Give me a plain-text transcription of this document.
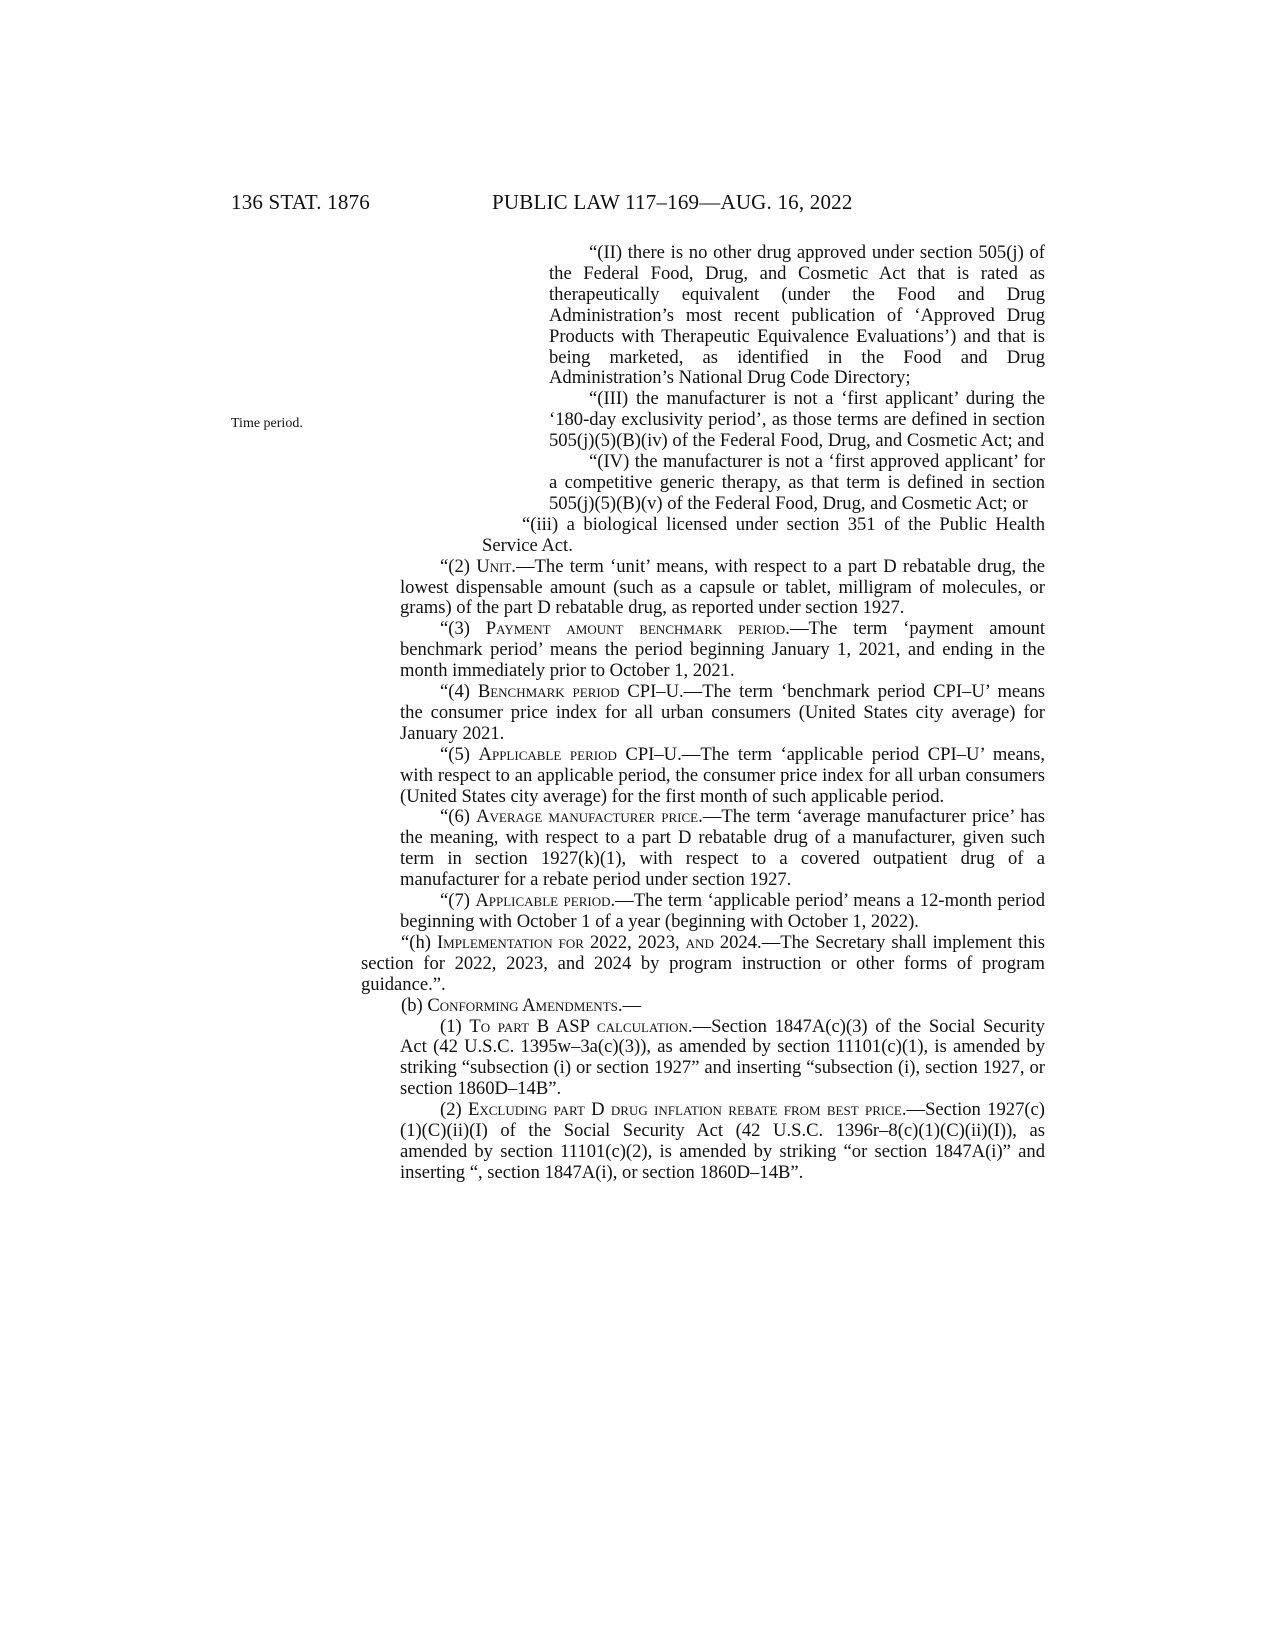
136 STAT. 1876	PUBLIC LAW 117–169—AUG. 16, 2022
Time period.

“(II) there is no other drug approved under section 505(j) of the Federal Food, Drug, and Cosmetic Act that is rated as therapeutically equivalent (under the Food and Drug Administration’s most recent publication of ‘Approved Drug Products with Therapeutic Equivalence Evaluations’) and that is being marketed, as identified in the Food and Drug Administration’s National Drug Code Directory;

“(III) the manufacturer is not a ‘first applicant’ during the ‘180-day exclusivity period’, as those terms are defined in section 505(j)(5)(B)(iv) of the Federal Food, Drug, and Cosmetic Act; and

“(IV) the manufacturer is not a ‘first approved applicant’ for a competitive generic therapy, as that term is defined in section 505(j)(5)(B)(v) of the Federal Food, Drug, and Cosmetic Act; or

“(iii) a biological licensed under section 351 of the Public Health Service Act.

“(2) Unit.—The term ‘unit’ means, with respect to a part D rebatable drug, the lowest dispensable amount (such as a capsule or tablet, milligram of molecules, or grams) of the part D rebatable drug, as reported under section 1927.

“(3) Payment amount benchmark period.—The term ‘payment amount benchmark period’ means the period beginning January 1, 2021, and ending in the month immediately prior to October 1, 2021.

“(4) Benchmark period CPI–U.—The term ‘benchmark period CPI–U’ means the consumer price index for all urban consumers (United States city average) for January 2021.

“(5) Applicable period CPI–U.—The term ‘applicable period CPI–U’ means, with respect to an applicable period, the consumer price index for all urban consumers (United States city average) for the first month of such applicable period.

“(6) Average manufacturer price.—The term ‘average manufacturer price’ has the meaning, with respect to a part D rebatable drug of a manufacturer, given such term in section 1927(k)(1), with respect to a covered outpatient drug of a manufacturer for a rebate period under section 1927.

“(7) Applicable period.—The term ‘applicable period’ means a 12-month period beginning with October 1 of a year (beginning with October 1, 2022).

“(h) Implementation for 2022, 2023, and 2024.—The Secretary shall implement this section for 2022, 2023, and 2024 by program instruction or other forms of program guidance.”.

(b) Conforming Amendments.—

(1) To part B ASP calculation.—Section 1847A(c)(3) of the Social Security Act (42 U.S.C. 1395w–3a(c)(3)), as amended by section 11101(c)(1), is amended by striking “subsection (i) or section 1927” and inserting “subsection (i), section 1927, or section 1860D–14B”.

(2) Excluding part D drug inflation rebate from best price.—Section 1927(c)(1)(C)(ii)(I) of the Social Security Act (42 U.S.C. 1396r–8(c)(1)(C)(ii)(I)), as amended by section 11101(c)(2), is amended by striking “or section 1847A(i)” and inserting “, section 1847A(i), or section 1860D–14B”.
